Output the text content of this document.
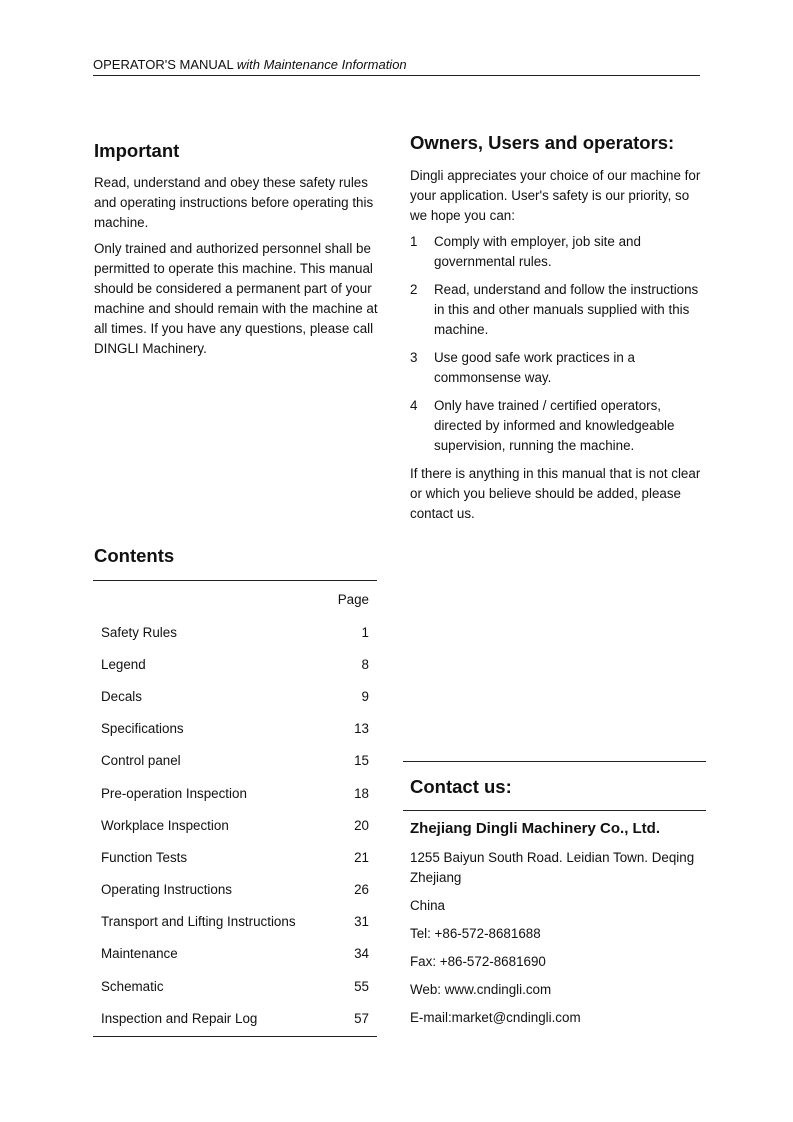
OPERATOR'S MANUAL with Maintenance Information
Important

Read, understand and obey these safety rules and operating instructions before operating this machine.

Only trained and authorized personnel shall be permitted to operate this machine. This manual should be considered a permanent part of your machine and should remain with the machine at all times. If you have any questions, please call DINGLI Machinery.

Owners, Users and operators:

Dingli appreciates your choice of our machine for your application. User's safety is our priority, so we hope you can:

1	Comply with employer, job site and governmental rules.
2	Read, understand and follow the instructions in this and other manuals supplied with this machine.
3	Use good safe work practices in a commonsense way.
4	Only have trained / certified operators, directed by informed and knowledgeable supervision, running the machine.

If there is anything in this manual that is not clear or which you believe should be added, please contact us.

Contents
Page
Safety Rules	1
Legend	8
Decals	9
Specifications	13
Control panel	15
Pre-operation Inspection	18
Workplace Inspection	20
Function Tests	21
Operating Instructions	26
Transport and Lifting Instructions	31
Maintenance	34
Schematic	55
Inspection and Repair Log	57
Contact us:
Zhejiang Dingli Machinery Co., Ltd.

1255 Baiyun South Road. Leidian Town. Deqing Zhejiang

China

Tel: +86-572-8681688

Fax: +86-572-8681690

Web: www.cndingli.com

E-mail:market@cndingli.com
